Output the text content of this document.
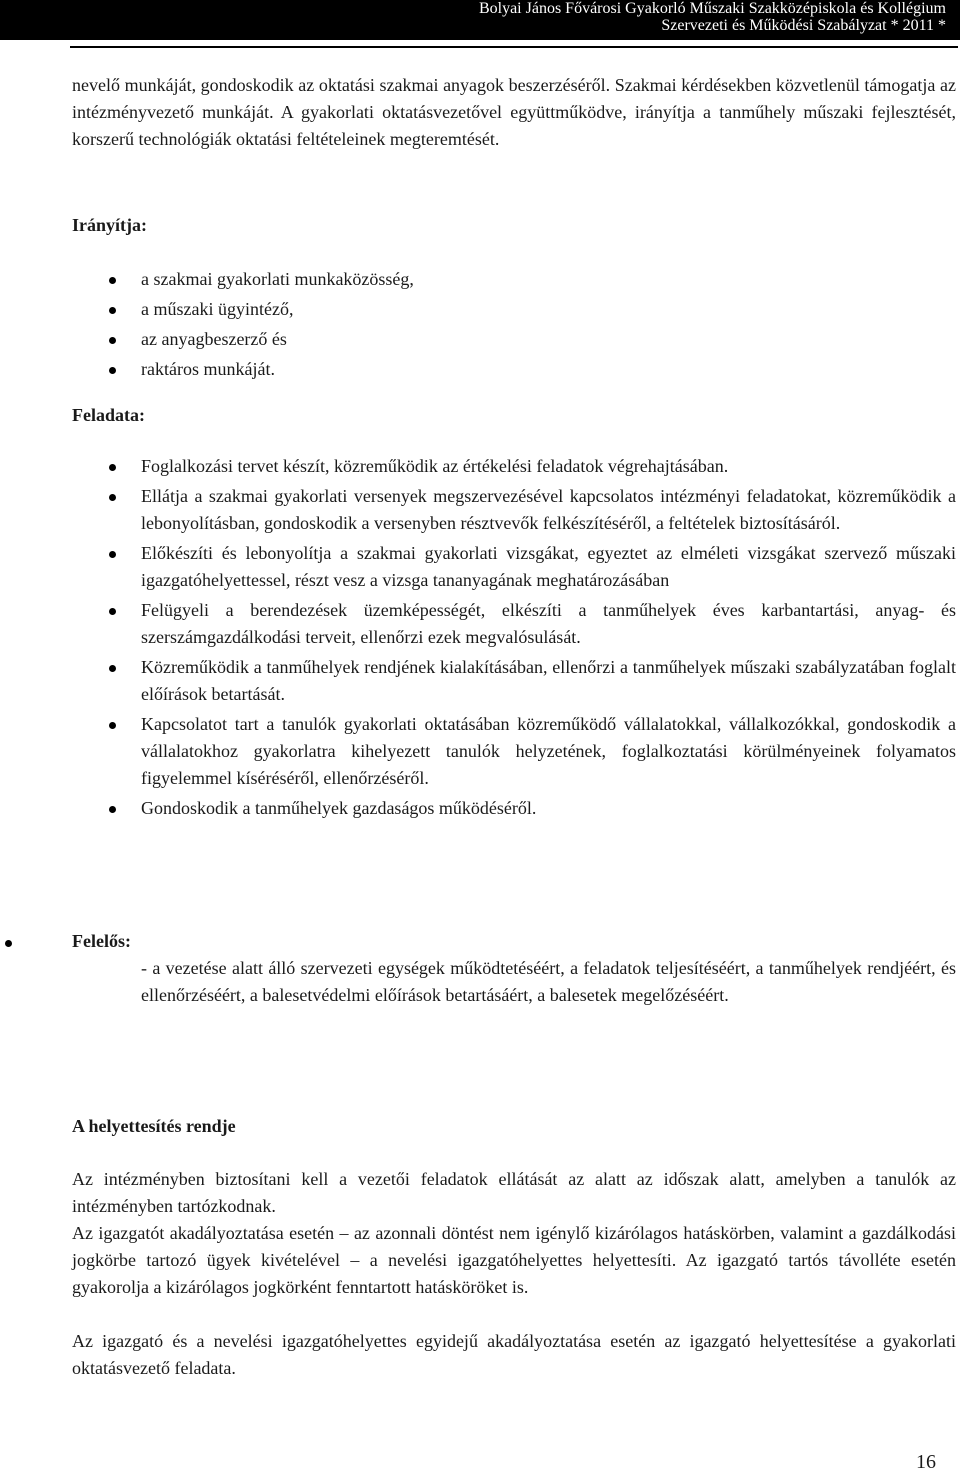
Bolyai János Fővárosi Gyakorló Műszaki Szakközépiskola és Kollégium
Szervezeti és Működési Szabályzat * 2011 *

nevelő munkáját, gondoskodik az oktatási szakmai anyagok beszerzéséről. Szakmai kérdésekben közvetlenül támogatja az intézményvezető munkáját. A gyakorlati oktatásvezetővel együttműködve, irányítja a tanműhely műszaki fejlesztését, korszerű technológiák oktatási feltételeinek megteremtését.

Irányítja:

a szakmai gyakorlati munkaközösség,
a műszaki ügyintéző,
az anyagbeszerző és
raktáros munkáját.

Feladata:

Foglalkozási tervet készít, közreműködik az értékelési feladatok végrehajtásában.
Ellátja a szakmai gyakorlati versenyek megszervezésével kapcsolatos intézményi feladatokat, közreműködik a lebonyolításban, gondoskodik a versenyben résztvevők felkészítéséről, a feltételek biztosításáról.
Előkészíti és lebonyolítja a szakmai gyakorlati vizsgákat, egyeztet az elméleti vizsgákat szervező műszaki igazgatóhelyettessel, részt vesz a vizsga tananyagának meghatározásában
Felügyeli a berendezések üzemképességét, elkészíti a tanműhelyek éves karbantartási, anyag- és szerszámgazdálkodási terveit, ellenőrzi ezek megvalósulását.
Közreműködik a tanműhelyek rendjének kialakításában, ellenőrzi a tanműhelyek műszaki szabályzatában foglalt előírások betartását.
Kapcsolatot tart a tanulók gyakorlati oktatásában közreműködő vállalatokkal, vállalkozókkal, gondoskodik a vállalatokhoz gyakorlatra kihelyezett tanulók helyzetének, foglalkoztatási körülményeinek folyamatos figyelemmel kíséréséről, ellenőrzéséről.
Gondoskodik a tanműhelyek gazdaságos működéséről.

Felelős:

- a vezetése alatt álló szervezeti egységek működtetéséért, a feladatok teljesítéséért, a tanműhelyek rendjéért, és ellenőrzéséért, a balesetvédelmi előírások betartásáért, a balesetek megelőzéséért.

A helyettesítés rendje

Az intézményben biztosítani kell a vezetői feladatok ellátását az alatt az időszak alatt, amelyben a tanulók az intézményben tartózkodnak.

Az igazgatót akadályoztatása esetén – az azonnali döntést nem igénylő kizárólagos hatáskörben, valamint a gazdálkodási jogkörbe tartozó ügyek kivételével – a nevelési igazgatóhelyettes helyettesíti. Az igazgató tartós távolléte esetén gyakorolja a kizárólagos jogkörként fenntartott hatásköröket is.

Az igazgató és a nevelési igazgatóhelyettes egyidejű akadályoztatása esetén az igazgató helyettesítése a gyakorlati oktatásvezető feladata.

16
